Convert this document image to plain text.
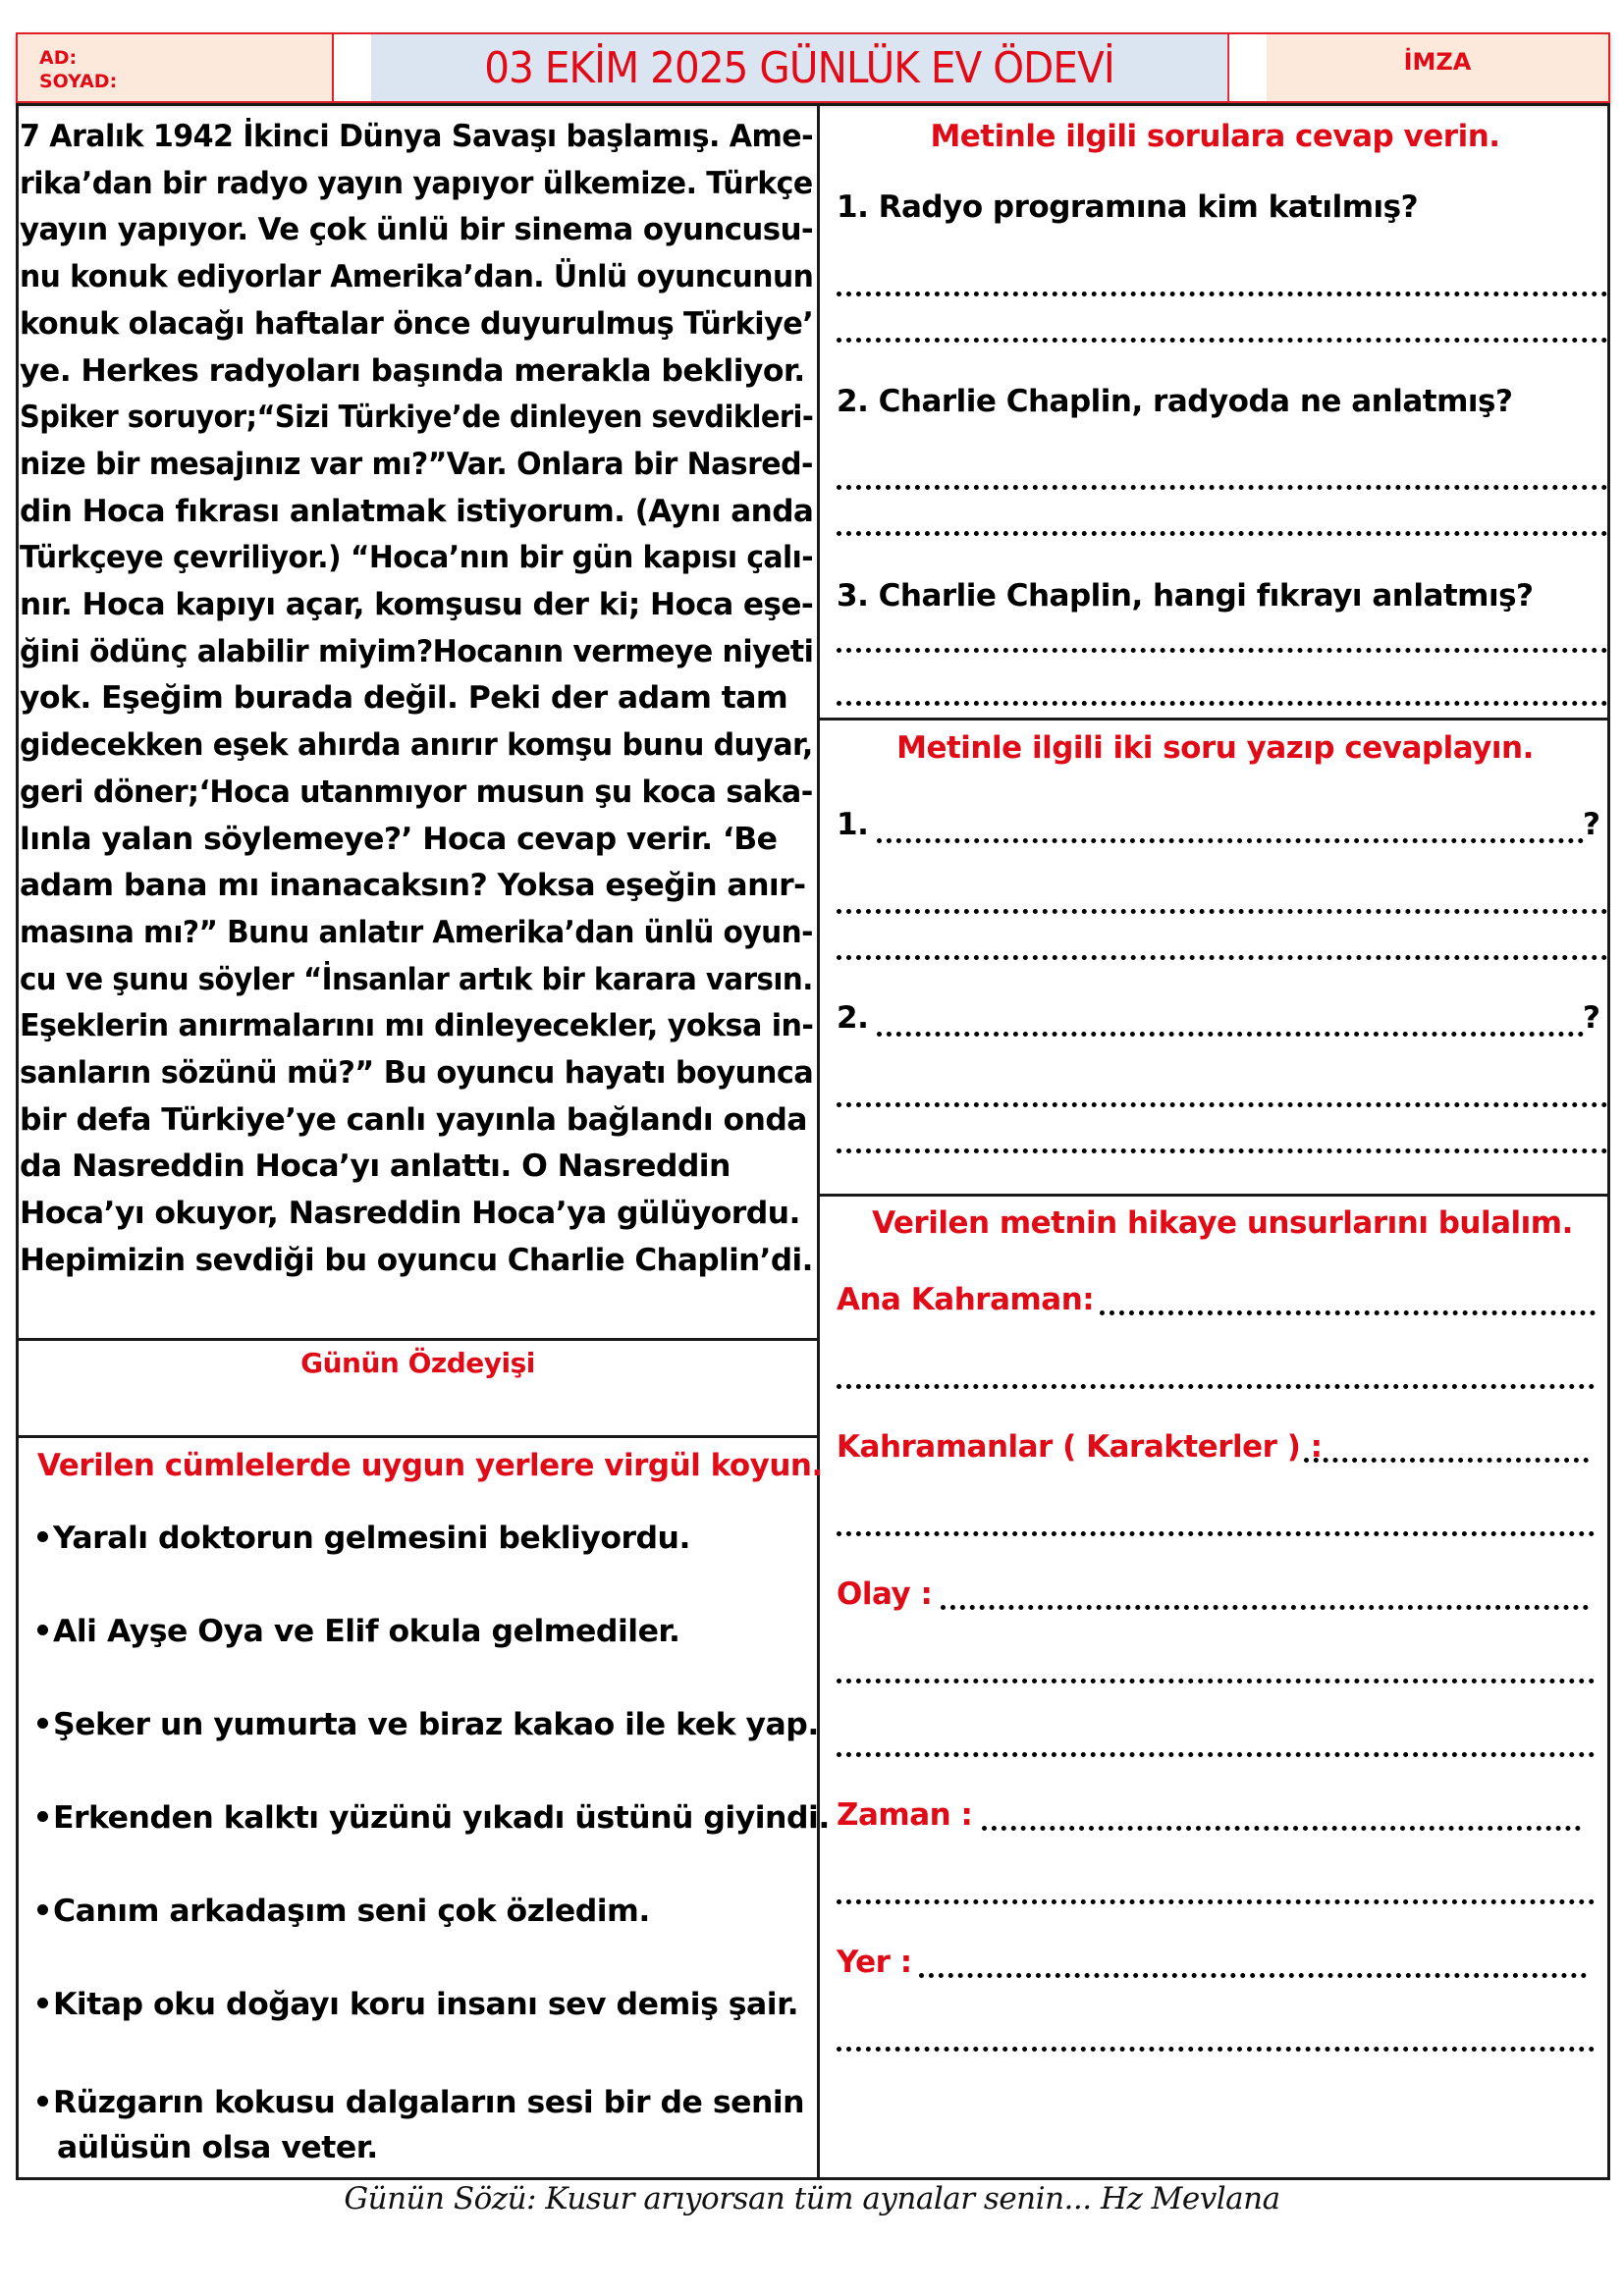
AD:
SOYAD:	03 EKİM 2025 GÜNLÜK EV ÖDEVİ	İMZA
7 Aralık 1942 İkinci Dünya Savaşı başlamış. Ame-
rika’dan bir radyo yayın yapıyor ülkemize. Türkçe
yayın yapıyor. Ve çok ünlü bir sinema oyuncusu-
nu konuk ediyorlar Amerika’dan. Ünlü oyuncunun
konuk olacağı haftalar önce duyurulmuş Türkiye’
ye. Herkes radyoları başında merakla bekliyor.
Spiker soruyor;“Sizi Türkiye’de dinleyen sevdikleri-
nize bir mesajınız var mı?”Var. Onlara bir Nasred-
din Hoca fıkrası anlatmak istiyorum. (Aynı anda
Türkçeye çevriliyor.) “Hoca’nın bir gün kapısı çalı-
nır. Hoca kapıyı açar, komşusu der ki; Hoca eşe-
ğini ödünç alabilir miyim?Hocanın vermeye niyeti
yok. Eşeğim burada değil. Peki der adam tam
gidecekken eşek ahırda anırır komşu bunu duyar,
geri döner;‘Hoca utanmıyor musun şu koca saka-
lınla yalan söylemeye?’ Hoca cevap verir. ‘Be
adam bana mı inanacaksın? Yoksa eşeğin anır-
masına mı?” Bunu anlatır Amerika’dan ünlü oyun-
cu ve şunu söyler “İnsanlar artık bir karara varsın.
Eşeklerin anırmalarını mı dinleyecekler, yoksa in-
sanların sözünü mü?” Bu oyuncu hayatı boyunca
bir defa Türkiye’ye canlı yayınla bağlandı onda
da Nasreddin Hoca’yı anlattı. O Nasreddin
Hoca’yı okuyor, Nasreddin Hoca’ya gülüyordu.
Hepimizin sevdiği bu oyuncu Charlie Chaplin’di.
Günün Özdeyişi
Verilen cümlelerde uygun yerlere virgül koyun.
Yaralı doktorun gelmesini bekliyordu.
Ali Ayşe Oya ve Elif okula gelmediler.
Şeker un yumurta ve biraz kakao ile kek yap.
Erkenden kalktı yüzünü yıkadı üstünü giyindi.
Canım arkadaşım seni çok özledim.
Kitap oku doğayı koru insanı sev demiş şair.
Rüzgarın kokusu dalgaların sesi bir de senin
aülüsün olsa veter.
Metinle ilgili sorulara cevap verin.
1. Radyo programına kim katılmış?
2. Charlie Chaplin, radyoda ne anlatmış?
3. Charlie Chaplin, hangi fıkrayı anlatmış?
Metinle ilgili iki soru yazıp cevaplayın.
1.	?
2.	?
Verilen metnin hikaye unsurlarını bulalım.
Ana Kahraman:
Kahramanlar ( Karakterler ) :
Olay :
Zaman :
Yer :
Günün Sözü: Kusur arıyorsan tüm aynalar senin... Hz Mevlana
